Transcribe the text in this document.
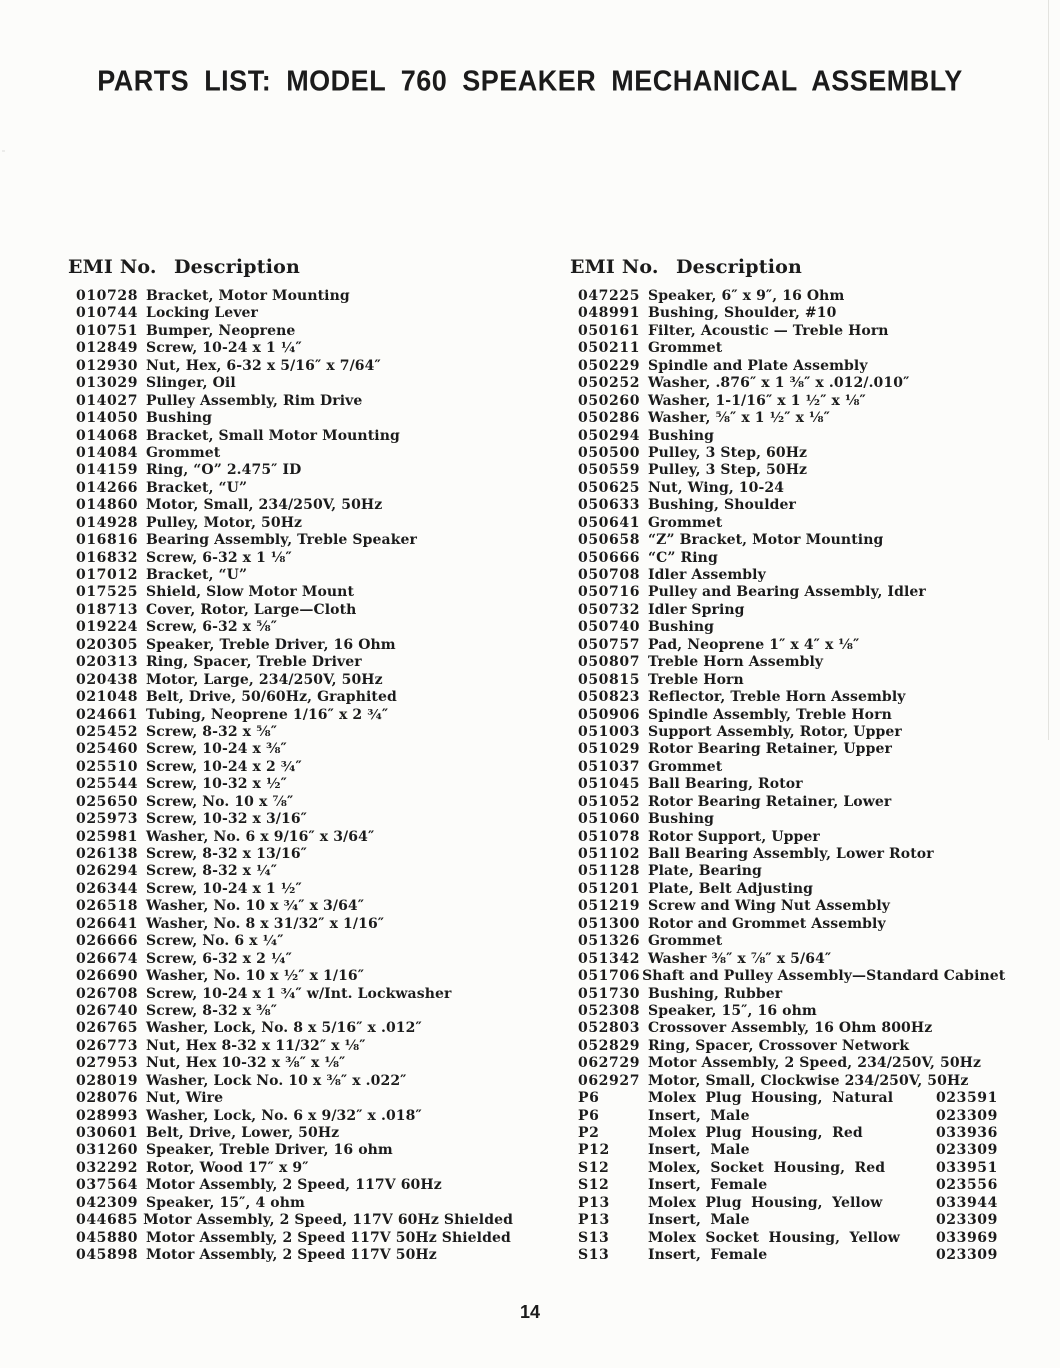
PARTS LIST: MODEL 760 SPEAKER MECHANICAL ASSEMBLY
EMI No. Description
010728 Bracket, Motor Mounting
010744 Locking Lever
010751 Bumper, Neoprene
012849 Screw, 10-24 x 1 ¼″
012930 Nut, Hex, 6-32 x 5/16″ x 7/64″
013029 Slinger, Oil
014027 Pulley Assembly, Rim Drive
014050 Bushing
014068 Bracket, Small Motor Mounting
014084 Grommet
014159 Ring, “O” 2.475″ ID
014266 Bracket, “U”
014860 Motor, Small, 234/250V, 50Hz
014928 Pulley, Motor, 50Hz
016816 Bearing Assembly, Treble Speaker
016832 Screw, 6-32 x 1 ⅛″
017012 Bracket, “U”
017525 Shield, Slow Motor Mount
018713 Cover, Rotor, Large—Cloth
019224 Screw, 6-32 x ⅝″
020305 Speaker, Treble Driver, 16 Ohm
020313 Ring, Spacer, Treble Driver
020438 Motor, Large, 234/250V, 50Hz
021048 Belt, Drive, 50/60Hz, Graphited
024661 Tubing, Neoprene 1/16″ x 2 ¾″
025452 Screw, 8-32 x ⅝″
025460 Screw, 10-24 x ⅜″
025510 Screw, 10-24 x 2 ¾″
025544 Screw, 10-32 x ½″
025650 Screw, No. 10 x ⅞″
025973 Screw, 10-32 x 3/16″
025981 Washer, No. 6 x 9/16″ x 3/64″
026138 Screw, 8-32 x 13/16″
026294 Screw, 8-32 x ¼″
026344 Screw, 10-24 x 1 ½″
026518 Washer, No. 10 x ¾″ x 3/64″
026641 Washer, No. 8 x 31/32″ x 1/16″
026666 Screw, No. 6 x ¼″
026674 Screw, 6-32 x 2 ¼″
026690 Washer, No. 10 x ½″ x 1/16″
026708 Screw, 10-24 x 1 ¾″ w/Int. Lockwasher
026740 Screw, 8-32 x ⅜″
026765 Washer, Lock, No. 8 x 5/16″ x .012″
026773 Nut, Hex 8-32 x 11/32″ x ⅛″
027953 Nut, Hex 10-32 x ⅜″ x ⅛″
028019 Washer, Lock No. 10 x ⅜″ x .022″
028076 Nut, Wire
028993 Washer, Lock, No. 6 x 9/32″ x .018″
030601 Belt, Drive, Lower, 50Hz
031260 Speaker, Treble Driver, 16 ohm
032292 Rotor, Wood 17″ x 9″
037564 Motor Assembly, 2 Speed, 117V 60Hz
042309 Speaker, 15″, 4 ohm
044685 Motor Assembly, 2 Speed, 117V 60Hz Shielded
045880 Motor Assembly, 2 Speed 117V 50Hz Shielded
045898 Motor Assembly, 2 Speed 117V 50Hz
EMI No. Description
047225 Speaker, 6″ x 9″, 16 Ohm
048991 Bushing, Shoulder, #10
050161 Filter, Acoustic — Treble Horn
050211 Grommet
050229 Spindle and Plate Assembly
050252 Washer, .876″ x 1 ⅜″ x .012/.010″
050260 Washer, 1-1/16″ x 1 ½″ x ⅛″
050286 Washer, ⅝″ x 1 ½″ x ⅛″
050294 Bushing
050500 Pulley, 3 Step, 60Hz
050559 Pulley, 3 Step, 50Hz
050625 Nut, Wing, 10-24
050633 Bushing, Shoulder
050641 Grommet
050658 “Z” Bracket, Motor Mounting
050666 “C” Ring
050708 Idler Assembly
050716 Pulley and Bearing Assembly, Idler
050732 Idler Spring
050740 Bushing
050757 Pad, Neoprene 1″ x 4″ x ⅛″
050807 Treble Horn Assembly
050815 Treble Horn
050823 Reflector, Treble Horn Assembly
050906 Spindle Assembly, Treble Horn
051003 Support Assembly, Rotor, Upper
051029 Rotor Bearing Retainer, Upper
051037 Grommet
051045 Ball Bearing, Rotor
051052 Rotor Bearing Retainer, Lower
051060 Bushing
051078 Rotor Support, Upper
051102 Ball Bearing Assembly, Lower Rotor
051128 Plate, Bearing
051201 Plate, Belt Adjusting
051219 Screw and Wing Nut Assembly
051300 Rotor and Grommet Assembly
051326 Grommet
051342 Washer ⅜″ x ⅞″ x 5/64″
051706 Shaft and Pulley Assembly—Standard Cabinet
051730 Bushing, Rubber
052308 Speaker, 15″, 16 ohm
052803 Crossover Assembly, 16 Ohm 800Hz
052829 Ring, Spacer, Crossover Network
062729 Motor Assembly, 2 Speed, 234/250V, 50Hz
062927 Motor, Small, Clockwise 234/250V, 50Hz
P6	Molex Plug Housing, Natural	023591
P6	Insert, Male	023309
P2	Molex Plug Housing, Red	033936
P12	Insert, Male	023309
S12	Molex, Socket Housing, Red	033951
S12	Insert, Female	023556
P13	Molex Plug Housing, Yellow	033944
P13	Insert, Male	023309
S13	Molex Socket Housing, Yellow	033969
S13	Insert, Female	023309
14
